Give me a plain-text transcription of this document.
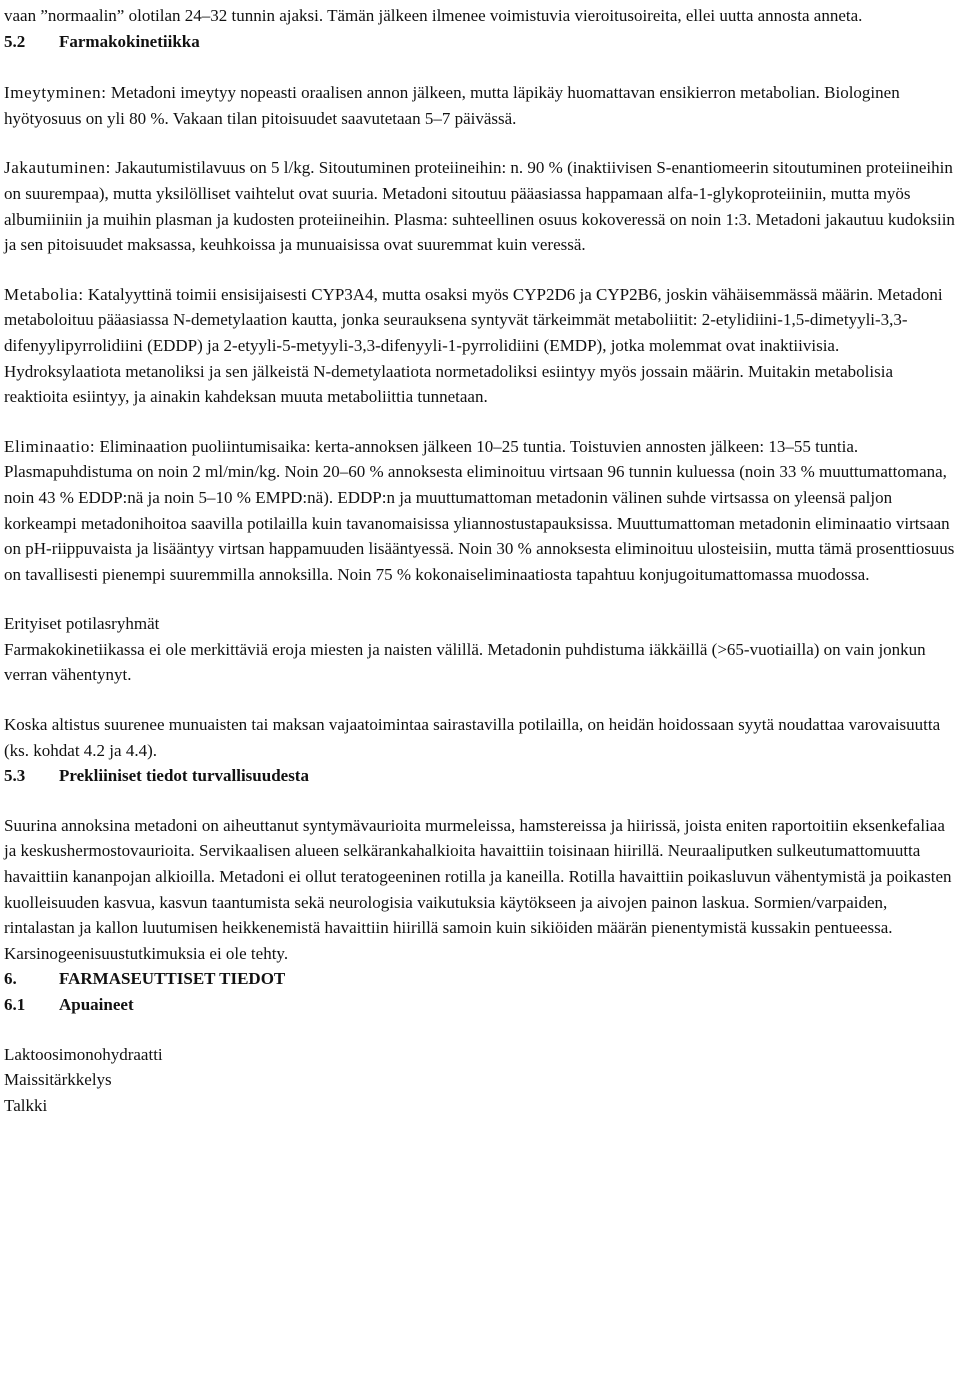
vaan ”normaalin” olotilan 24–32 tunnin ajaksi. Tämän jälkeen ilmenee voimistuvia vieroitusoireita, ellei uutta annosta anneta.

5.2 Farmakokinetiikka

Imeytyminen: Metadoni imeytyy nopeasti oraalisen annon jälkeen, mutta läpikäy huomattavan ensikierron metabolian. Biologinen hyötyosuus on yli 80 %. Vakaan tilan pitoisuudet saavutetaan 5–7 päivässä.

Jakautuminen: Jakautumistilavuus on 5 l/kg. Sitoutuminen proteiineihin: n. 90 % (inaktiivisen S-enantiomeerin sitoutuminen proteiineihin on suurempaa), mutta yksilölliset vaihtelut ovat suuria. Metadoni sitoutuu pääasiassa happamaan alfa-1-glykoproteiiniin, mutta myös albumiiniin ja muihin plasman ja kudosten proteiineihin. Plasma: suhteellinen osuus kokoveressä on noin 1:3. Metadoni jakautuu kudoksiin ja sen pitoisuudet maksassa, keuhkoissa ja munuaisissa ovat suuremmat kuin veressä.

Metabolia: Katalyyttinä toimii ensisijaisesti CYP3A4, mutta osaksi myös CYP2D6 ja CYP2B6, joskin vähäisemmässä määrin. Metadoni metaboloituu pääasiassa N-demetylaation kautta, jonka seurauksena syntyvät tärkeimmät metaboliitit: 2-etylidiini-1,5-dimetyyli-3,3-difenyylipyrrolidiini (EDDP) ja 2-etyyli-5-metyyli-3,3-difenyyli-1-pyrrolidiini (EMDP), jotka molemmat ovat inaktiivisia. Hydroksylaatiota metanoliksi ja sen jälkeistä N-demetylaatiota normetadoliksi esiintyy myös jossain määrin. Muitakin metabolisia reaktioita esiintyy, ja ainakin kahdeksan muuta metaboliittia tunnetaan.

Eliminaatio: Eliminaation puoliintumisaika: kerta-annoksen jälkeen 10–25 tuntia. Toistuvien annosten jälkeen: 13–55 tuntia. Plasmapuhdistuma on noin 2 ml/min/kg. Noin 20–60 % annoksesta eliminoituu virtsaan 96 tunnin kuluessa (noin 33 % muuttumattomana, noin 43 % EDDP:nä ja noin 5–10 % EMPD:nä). EDDP:n ja muuttumattoman metadonin välinen suhde virtsassa on yleensä paljon korkeampi metadonihoitoa saavilla potilailla kuin tavanomaisissa yliannostustapauksissa. Muuttumattoman metadonin eliminaatio virtsaan on pH-riippuvaista ja lisääntyy virtsan happamuuden lisääntyessä. Noin 30 % annoksesta eliminoituu ulosteisiin, mutta tämä prosenttiosuus on tavallisesti pienempi suuremmilla annoksilla. Noin 75 % kokonaiseliminaatiosta tapahtuu konjugoitumattomassa muodossa.

Erityiset potilasryhmät

Farmakokinetiikassa ei ole merkittäviä eroja miesten ja naisten välillä. Metadonin puhdistuma iäkkäillä (>65-vuotiailla) on vain jonkun verran vähentynyt.

Koska altistus suurenee munuaisten tai maksan vajaatoimintaa sairastavilla potilailla, on heidän hoidossaan syytä noudattaa varovaisuutta (ks. kohdat 4.2 ja 4.4).

5.3 Prekliiniset tiedot turvallisuudesta

Suurina annoksina metadoni on aiheuttanut syntymävaurioita murmeleissa, hamstereissa ja hiirissä, joista eniten raportoitiin eksenkefaliaa ja keskushermostovaurioita. Servikaalisen alueen selkärankahalkioita havaittiin toisinaan hiirillä. Neuraaliputken sulkeutumattomuutta havaittiin kananpojan alkioilla. Metadoni ei ollut teratogeeninen rotilla ja kaneilla. Rotilla havaittiin poikasluvun vähentymistä ja poikasten kuolleisuuden kasvua, kasvun taantumista sekä neurologisia vaikutuksia käytökseen ja aivojen painon laskua. Sormien/varpaiden, rintalastan ja kallon luutumisen heikkenemistä havaittiin hiirillä samoin kuin sikiöiden määrän pienentymistä kussakin pentueessa. Karsinogeenisuustutkimuksia ei ole tehty.

6. FARMASEUTTISET TIEDOT

6.1 Apuaineet

Laktoosimonohydraatti
Maissitärkkelys
Talkki
